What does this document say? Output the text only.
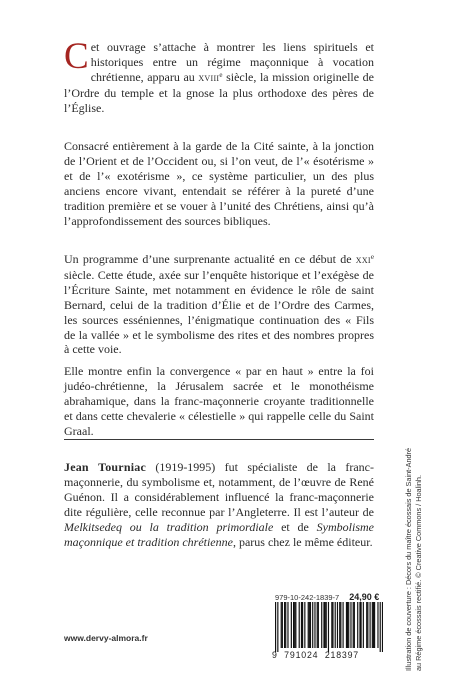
Cet ouvrage s’attache à montrer les liens spirituels et historiques entre un régime maçonnique à vocation chrétienne, apparu au xviii$^e$ siècle, la mission originelle de l’Ordre du temple et la gnose la plus orthodoxe des pères de l’Église.

Consacré entièrement à la garde de la Cité sainte, à la jonction de l’Orient et de l’Occident ou, si l’on veut, de l’« ésotérisme » et de l’« exotérisme », ce système particulier, un des plus anciens encore vivant, entendait se référer à la pureté d’une tradition première et se vouer à l’unité des Chrétiens, ainsi qu’à l’approfondissement des sources bibliques.

Un programme d’une surprenante actualité en ce début de xxi$^e$ siècle. Cette étude, axée sur l’enquête historique et l’exégèse de l’Écriture Sainte, met notamment en évidence le rôle de saint Bernard, celui de la tradition d’Élie et de l’Ordre des Carmes, les sources esséniennes, l’énigmatique continuation des « Fils de la vallée » et le symbolisme des rites et des nombres propres à cette voie.

Elle montre enfin la convergence « par en haut » entre la foi judéo-chrétienne, la Jérusalem sacrée et le monothéisme abrahamique, dans la franc-maçonnerie croyante traditionnelle et dans cette chevalerie « célestielle » qui rappelle celle du Saint Graal.

Jean Tourniac (1919-1995) fut spécialiste de la franc-maçonnerie, du symbolisme et, notamment, de l’œuvre de René Guénon. Il a considérablement influencé la franc-maçonnerie dite régulière, celle reconnue par l’Angleterre. Il est l’auteur de Melkitsedeq ou la tradition primordiale et de Symbolisme maçonnique et tradition chrétienne, parus chez le même éditeur.

979-10-242-1839-7 24,90 €
9  791024  218397
www.dervy-almora.fr	Illustration de couverture : Décors du maître écossais de Saint-André au Régime écossais rectifié. © Creative Commons / Hoalinh.
